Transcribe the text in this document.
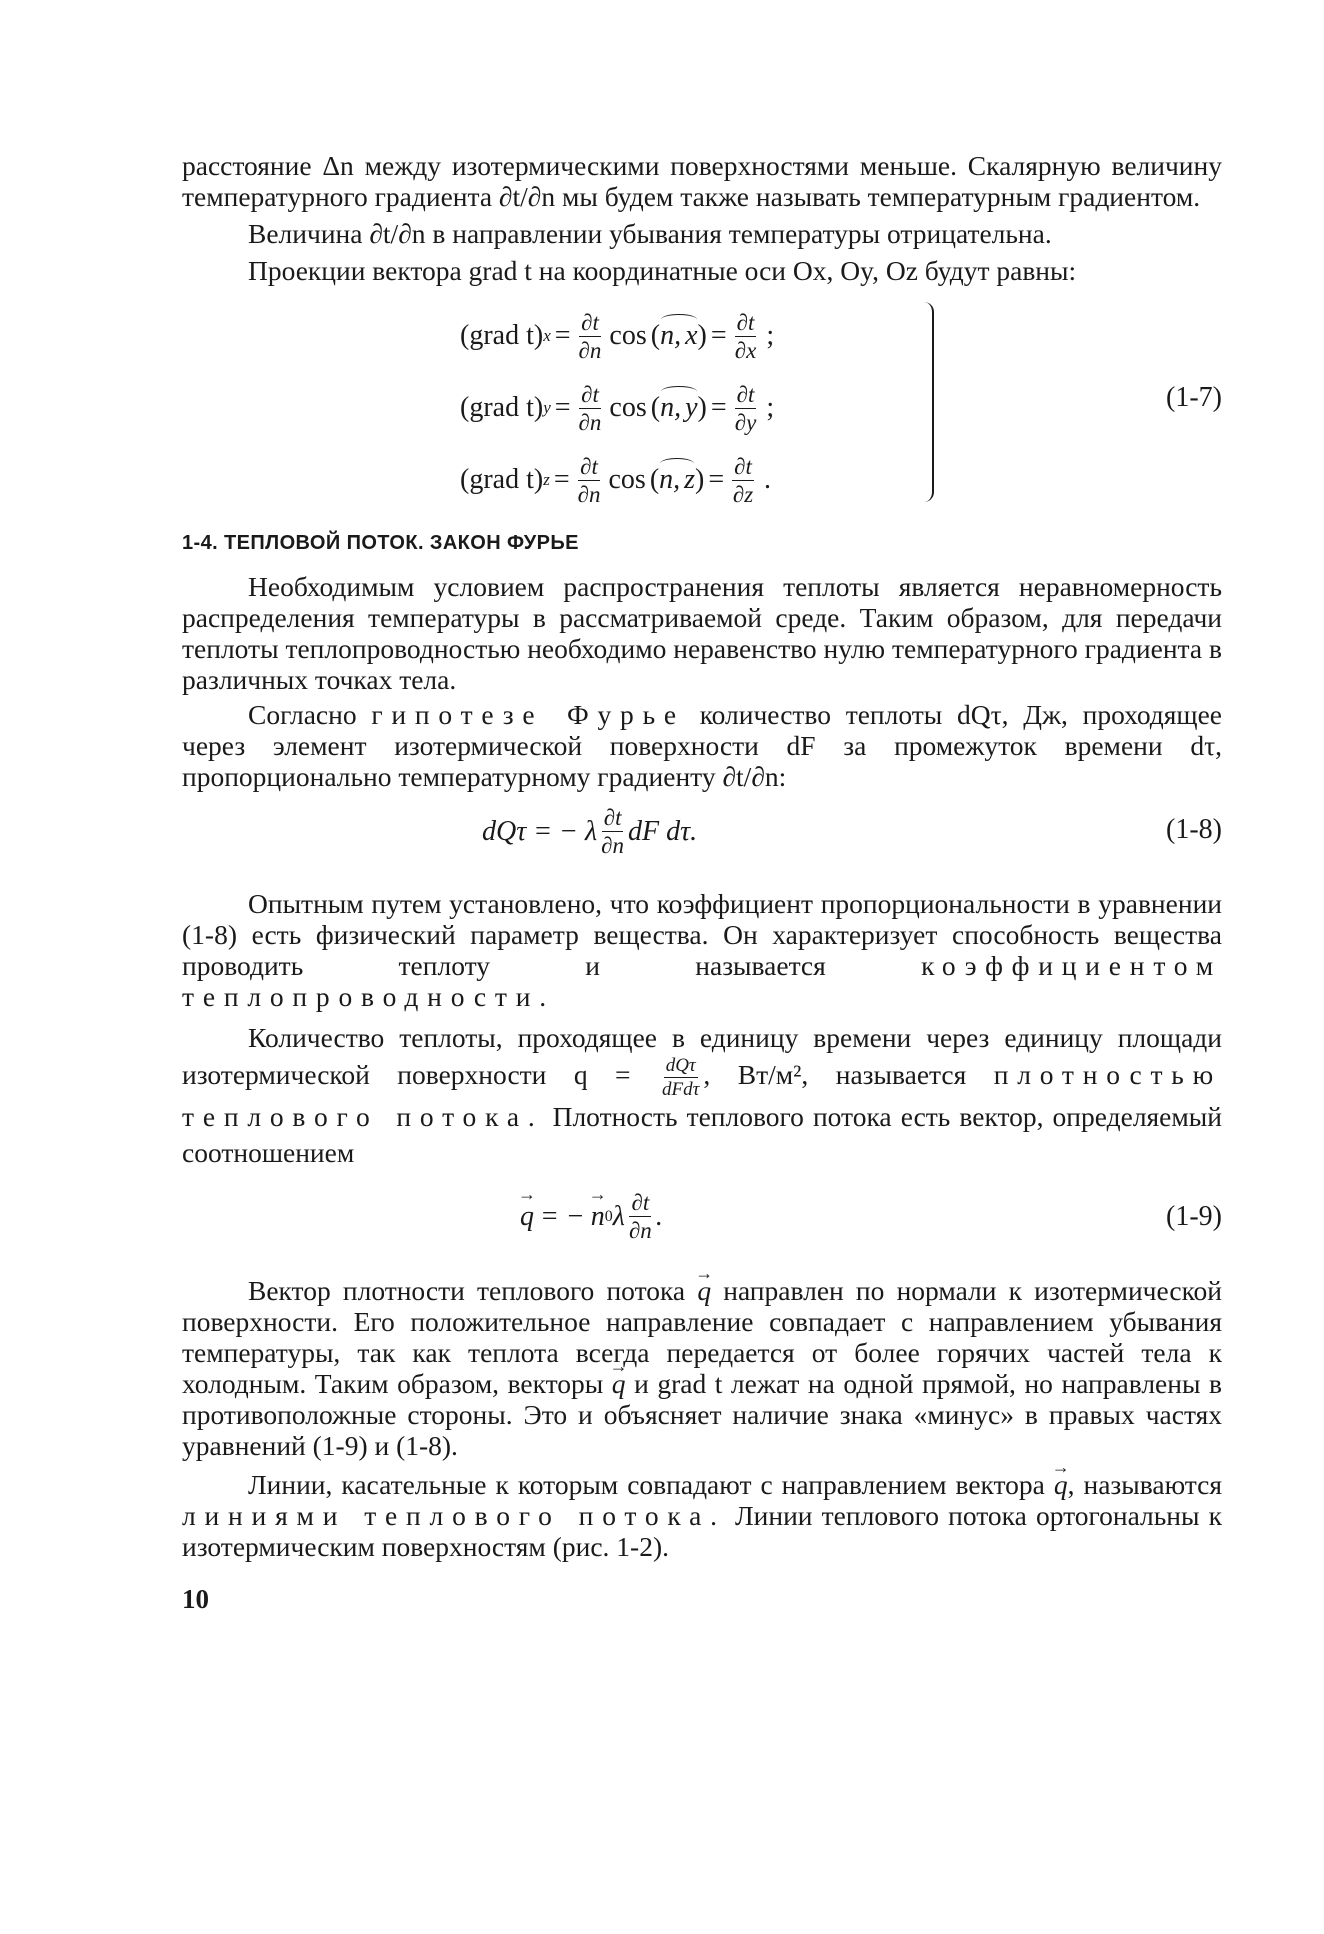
расстояние Δn между изотермическими поверхностями меньше. Скалярную величину температурного градиента ∂t/∂n мы будем также называть температурным градиентом.

Величина ∂t/∂n в направлении убывания температуры отрицательна.

Проекции вектора grad t на координатные оси Ox, Oy, Oz будут равны:

(grad t) $x = \frac{\partial t}{\partial n}$ cos ( n, x ) = $\frac{\partial t}{\partial x}$ ;
(grad t) $y = \frac{\partial t}{\partial n}$ cos ( n, y ) = $\frac{\partial t}{\partial y}$ ;
(grad t) $z = \frac{\partial t}{\partial n}$ cos ( n, z ) = $\frac{\partial t}{\partial z}$ .
(1-7)
1-4. ТЕПЛОВОЙ ПОТОК. ЗАКОН ФУРЬЕ

Необходимым условием распространения теплоты является неравномерность распределения температуры в рассматриваемой среде. Таким образом, для передачи теплоты теплопроводностью необходимо неравенство нулю температурного градиента в различных точках тела.

Согласно гипотезе Фурье количество теплоты dQτ, Дж, проходящее через элемент изотермической поверхности dF за промежуток времени dτ, пропорционально температурному градиенту ∂t/∂n:

dQτ = − λ $\frac{\partial t}{\partial n}$ dF dτ.	(1-8)

Опытным путем установлено, что коэффициент пропорциональности в уравнении (1-8) есть физический параметр вещества. Он характеризует способность вещества проводить теплоту и называется	коэффициентом теплопроводности.

Количество теплоты, проходящее в единицу времени через единицу площади изотермической поверхности $q = \frac{\text{dQτ}}{\text{dFdτ}}$ , Вт/м², называется плотностью теплового потока. Плотность теплового потока есть вектор, определяемый соотношением

→ q = − → n 0 λ $\frac{\partial t}{\partial n}$ .	(1-9)

Вектор плотности теплового потока → q направлен по нормали к изотермической поверхности. Его положительное направление совпадает с направлением убывания температуры, так как теплота всегда передается от более горячих частей тела к холодным. Таким образом, векторы → q и grad t лежат на одной прямой, но направлены в противоположные стороны. Это и объясняет наличие знака «минус» в правых частях уравнений (1-9) и (1-8).

Линии, касательные к которым совпадают с направлением вектора → q, называются линиями теплового потока. Линии теплового потока ортогональны к изотермическим поверхностям (рис. 1-2).

10
